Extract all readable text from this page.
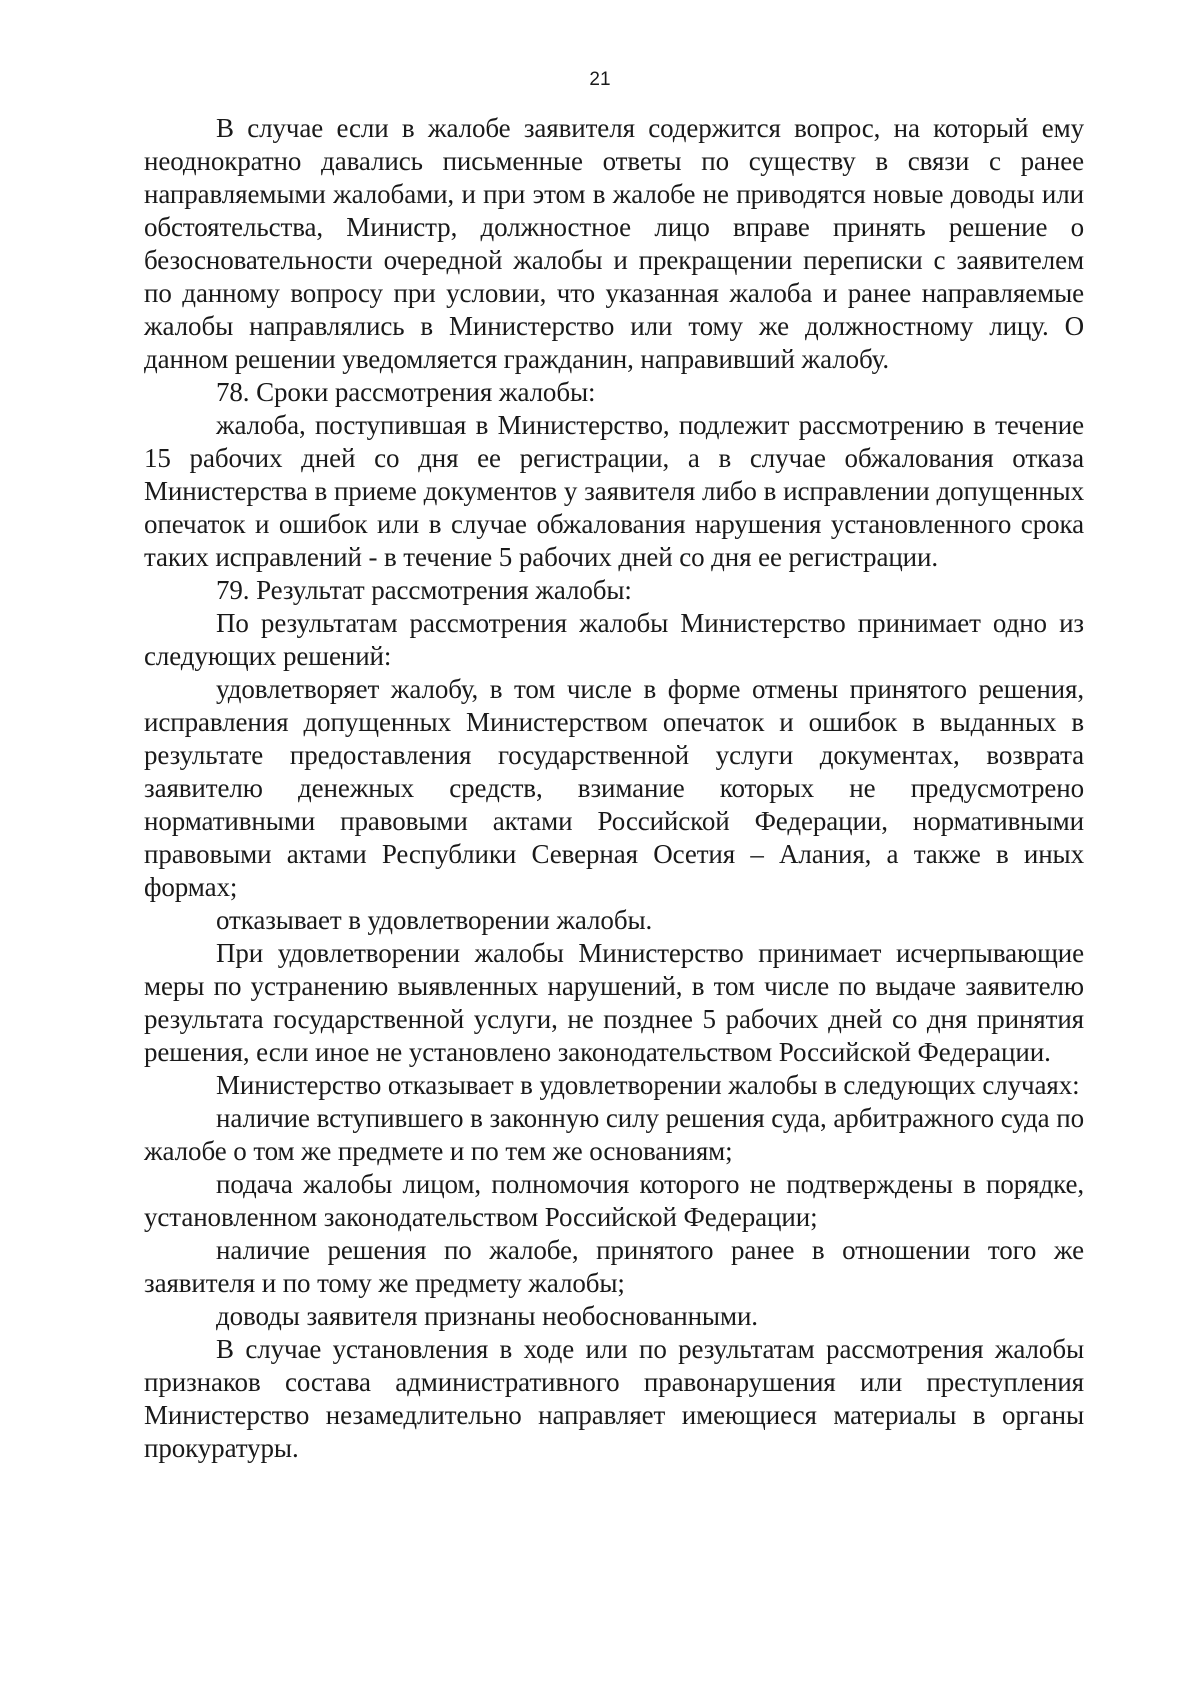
21

В случае если в жалобе заявителя содержится вопрос, на который ему неоднократно давались письменные ответы по существу в связи с ранее направляемыми жалобами, и при этом в жалобе не приводятся новые доводы или обстоятельства, Министр, должностное лицо вправе принять решение о безосновательности очередной жалобы и прекращении переписки с заявителем по данному вопросу при условии, что указанная жалоба и ранее направляемые жалобы направлялись в Министерство или тому же должностному лицу. О данном решении уведомляется гражданин, направивший жалобу.

78. Сроки рассмотрения жалобы:

жалоба, поступившая в Министерство, подлежит рассмотрению в течение 15 рабочих дней со дня ее регистрации, а в случае обжалования отказа Министерства в приеме документов у заявителя либо в исправлении допущенных опечаток и ошибок или в случае обжалования нарушения установленного срока таких исправлений - в течение 5 рабочих дней со дня ее регистрации.

79. Результат рассмотрения жалобы:

По результатам рассмотрения жалобы Министерство принимает одно из следующих решений:

удовлетворяет жалобу, в том числе в форме отмены принятого решения, исправления допущенных Министерством опечаток и ошибок в выданных в результате предоставления государственной услуги документах, возврата заявителю денежных средств, взимание которых не предусмотрено нормативными правовыми актами Российской Федерации, нормативными правовыми актами Республики Северная Осетия – Алания, а также в иных формах;

отказывает в удовлетворении жалобы.

При удовлетворении жалобы Министерство принимает исчерпывающие меры по устранению выявленных нарушений, в том числе по выдаче заявителю результата государственной услуги, не позднее 5 рабочих дней со дня принятия решения, если иное не установлено законодательством Российской Федерации.

Министерство отказывает в удовлетворении жалобы в следующих случаях:

наличие вступившего в законную силу решения суда, арбитражного суда по жалобе о том же предмете и по тем же основаниям;

подача жалобы лицом, полномочия которого не подтверждены в порядке, установленном законодательством Российской Федерации;

наличие решения по жалобе, принятого ранее в отношении того же заявителя и по тому же предмету жалобы;

доводы заявителя признаны необоснованными.

В случае установления в ходе или по результатам рассмотрения жалобы признаков состава административного правонарушения или преступления Министерство незамедлительно направляет имеющиеся материалы в органы прокуратуры.
